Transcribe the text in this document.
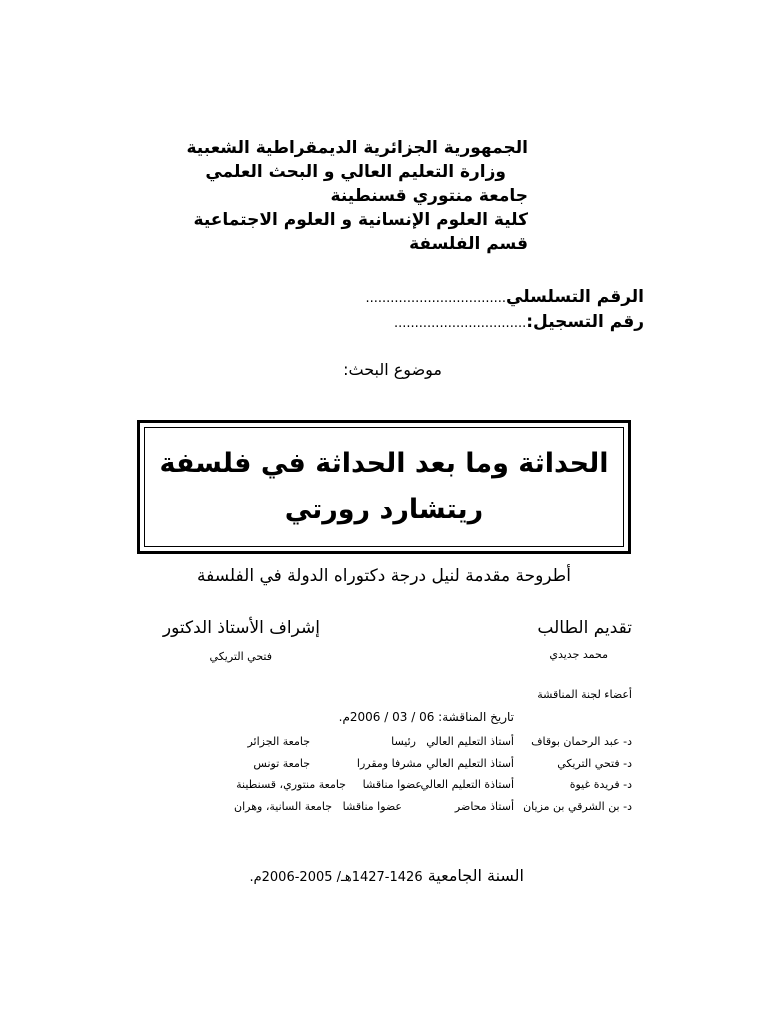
الجمهورية الجزائرية الديمقراطية الشعبية
وزارة التعليم العالي و البحث العلمي
جامعة منتوري قسنطينة
كلية العلوم الإنسانية و العلوم الاجتماعية
قسم الفلسفة
الرقم التسلسلي..................................
رقم التسجيل:................................
موضوع البحث:
الحداثة وما بعد الحداثة في فلسفة
ريتشارد رورتي
أطروحة مقدمة لنيل درجة دكتوراه الدولة في الفلسفة
تقديم الطالب
إشراف الأستاذ الدكتور
محمد جديدي
فتحي التريكي
أعضاء لجنة المناقشة
تاريخ المناقشة: 06 / 03 / 2006م.
د- عبد الرحمان بوقاف
أستاذ التعليم العالي
رئيسا
جامعة الجزائر
د- فتحي التريكي
أستاذ التعليم العالي
مشرفا ومقررا
جامعة تونس
د- فريدة غيوة
أستاذة التعليم العالي
عضوا مناقشا
جامعة منتوري، قسنطينة
د- بن الشرقي بن مزيان
أستاذ محاضر
عضوا مناقشا
جامعة السانية، وهران
السنة الجامعية 1426-1427هـ/ 2005-2006م.
